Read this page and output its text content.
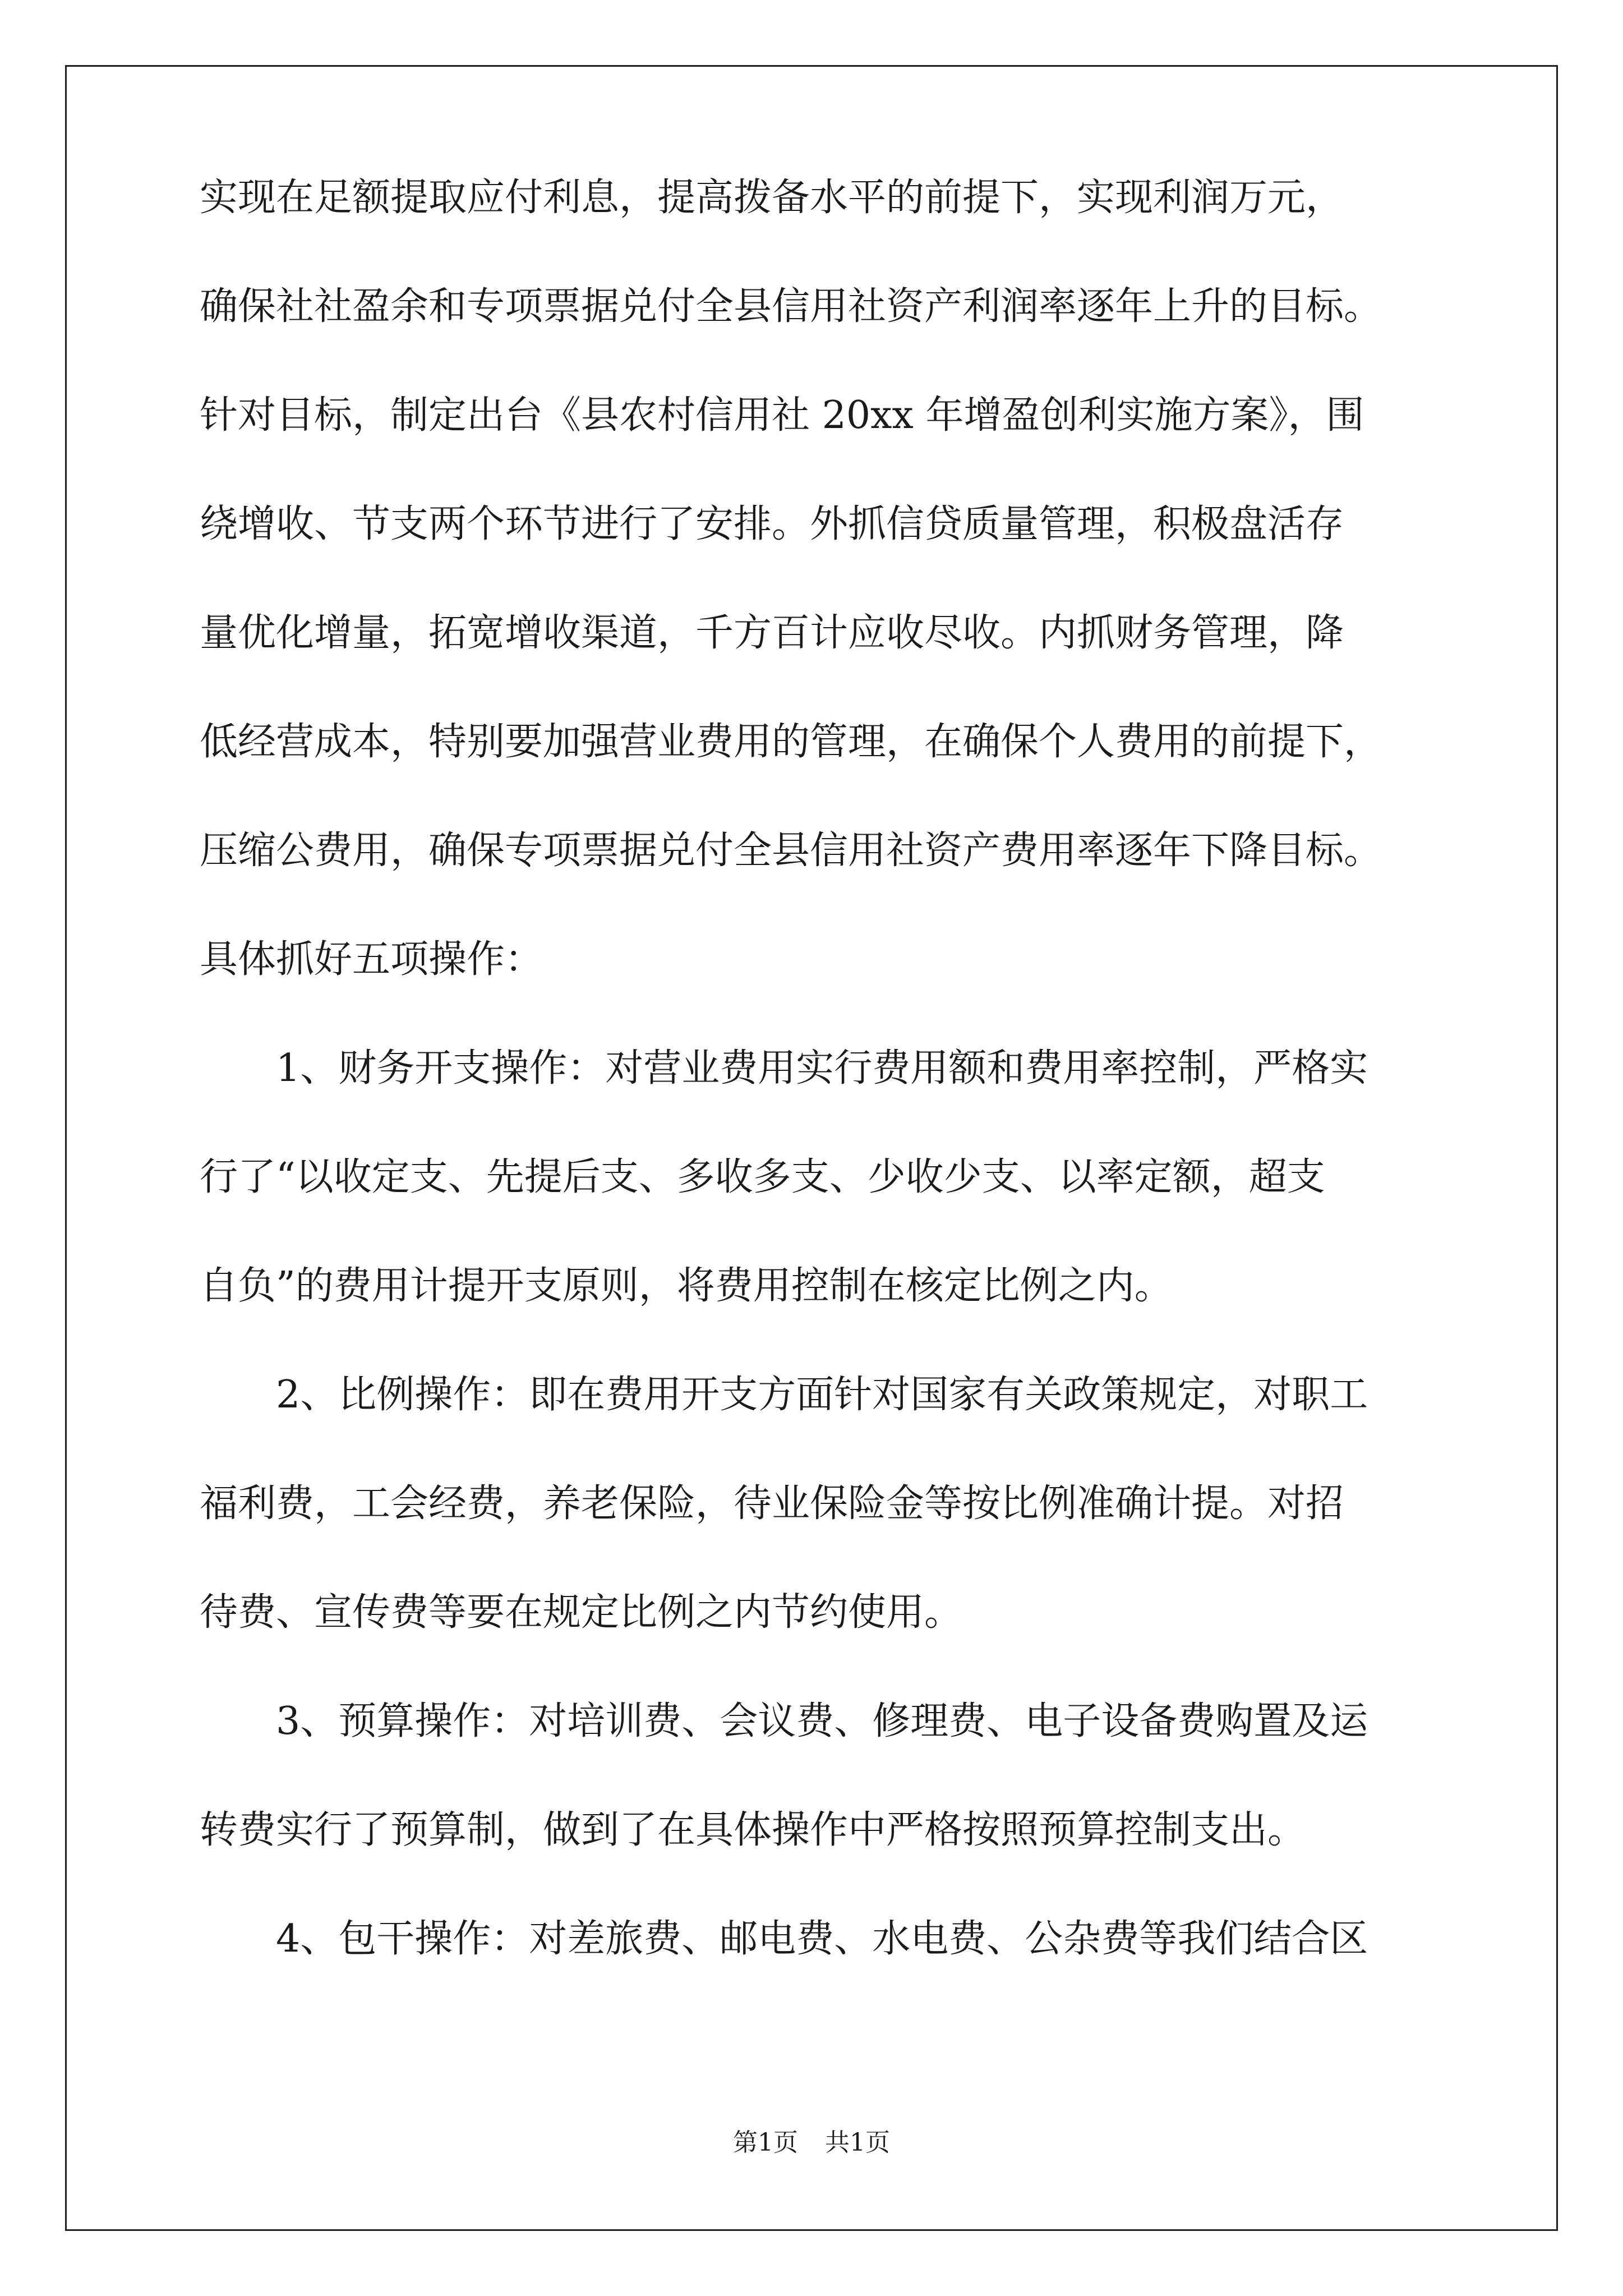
实现在足额提取应付利息，提高拨备水平的前提下，实现利润万元，
确保社社盈余和专项票据兑付全县信用社资产利润率逐年上升的目标。
针对目标，制定出台《县农村信用社 20xx 年增盈创利实施方案》，围
绕增收、节支两个环节进行了安排。外抓信贷质量管理，积极盘活存
量优化增量，拓宽增收渠道，千方百计应收尽收。内抓财务管理，降
低经营成本，特别要加强营业费用的管理，在确保个人费用的前提下，
压缩公费用，确保专项票据兑付全县信用社资产费用率逐年下降目标。
具体抓好五项操作：
1、财务开支操作：对营业费用实行费用额和费用率控制，严格实
行了“以收定支、先提后支、多收多支、少收少支、以率定额，超支
自负”的费用计提开支原则，将费用控制在核定比例之内。
2、比例操作：即在费用开支方面针对国家有关政策规定，对职工
福利费，工会经费，养老保险，待业保险金等按比例准确计提。对招
待费、宣传费等要在规定比例之内节约使用。
3、预算操作：对培训费、会议费、修理费、电子设备费购置及运
转费实行了预算制，做到了在具体操作中严格按照预算控制支出。
4、包干操作：对差旅费、邮电费、水电费、公杂费等我们结合区
第1页 共1页
